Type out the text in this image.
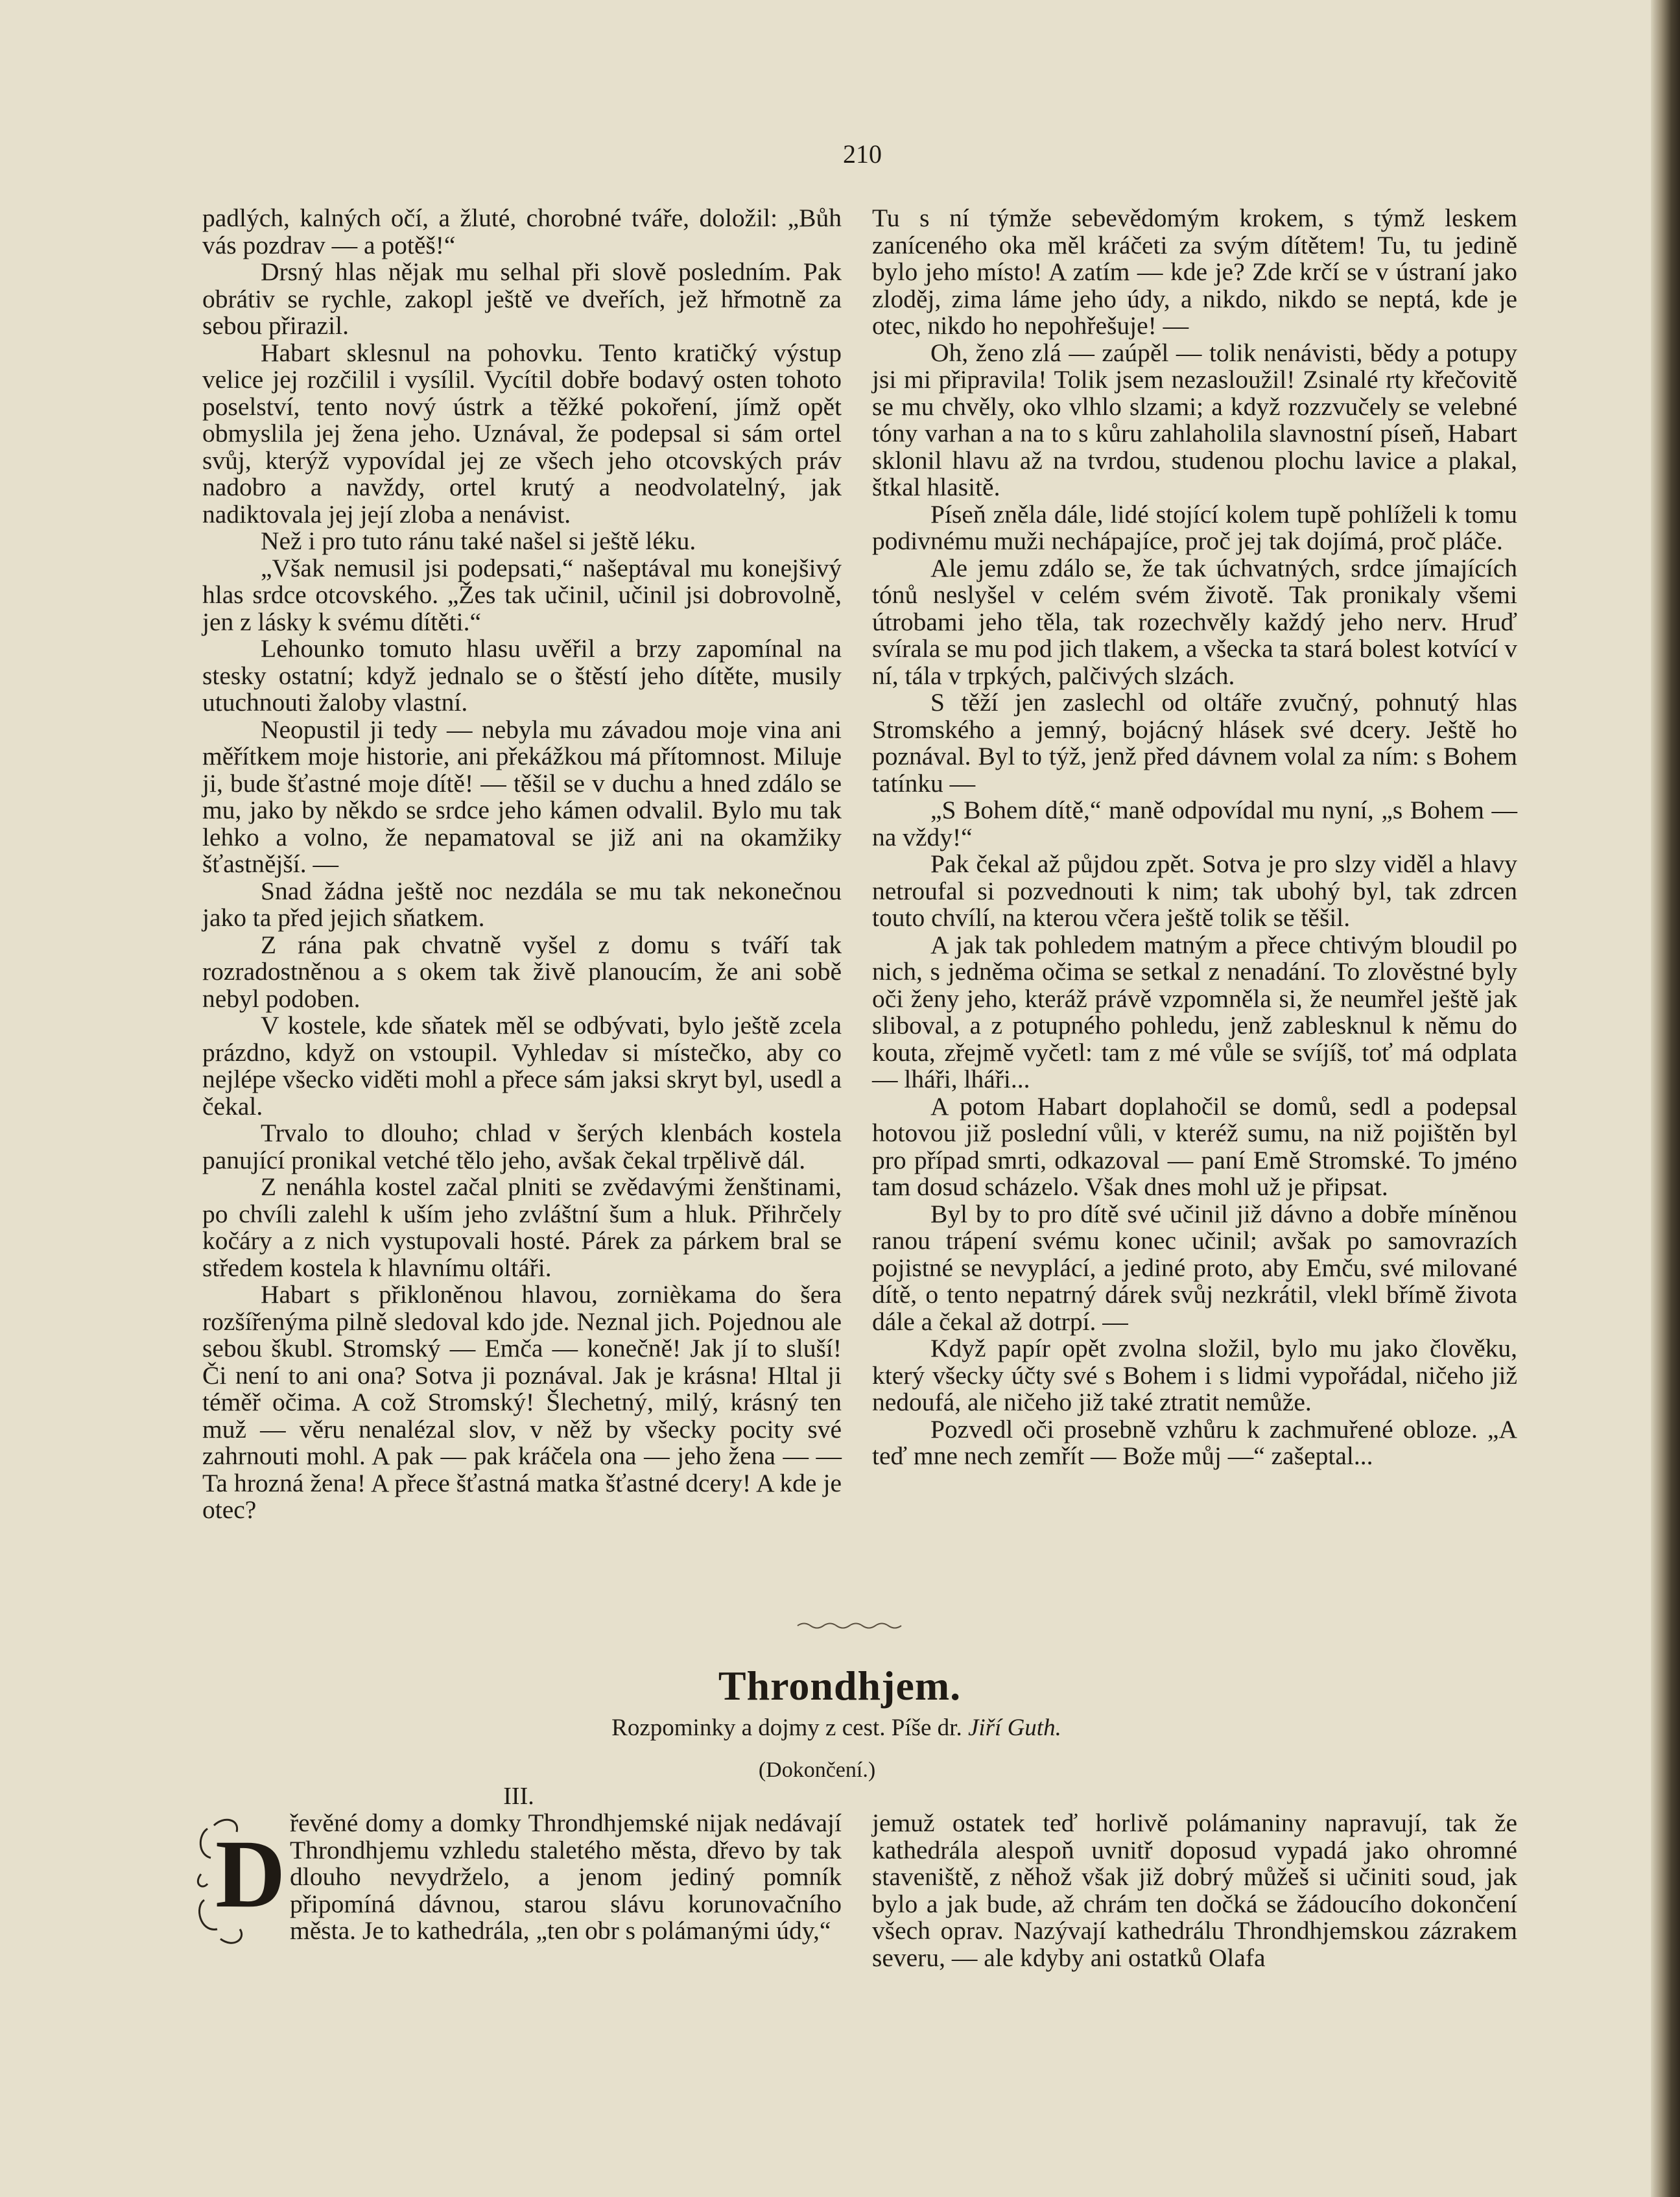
210

padlých, kalných očí, a žluté, chorobné tváře, doložil: „Bůh vás pozdrav — a potěš!“

Drsný hlas nějak mu selhal při slově posledním. Pak obrátiv se rychle, zakopl ještě ve dveřích, jež hřmotně za sebou přirazil.

Habart sklesnul na pohovku. Tento kratičký výstup velice jej rozčilil i vysílil. Vycítil dobře bodavý osten tohoto poselství, tento nový ústrk a těžké pokoření, jímž opět obmyslila jej žena jeho. Uznával, že podepsal si sám ortel svůj, kterýž vypovídal jej ze všech jeho otcovských práv nadobro a navždy, ortel krutý a neodvolatelný, jak nadiktovala jej její zloba a nenávist.

Než i pro tuto ránu také našel si ještě léku.

„Však nemusil jsi podepsati,“ našeptával mu konejšivý hlas srdce otcovského. „Žes tak učinil, učinil jsi dobrovolně, jen z lásky k svému dítěti.“

Lehounko tomuto hlasu uvěřil a brzy zapomínal na stesky ostatní; když jednalo se o štěstí jeho dítěte, musily utuchnouti žaloby vlastní.

Neopustil ji tedy — nebyla mu závadou moje vina ani měřítkem moje historie, ani překážkou má přítomnost. Miluje ji, bude šťastné moje dítě! — těšil se v duchu a hned zdálo se mu, jako by někdo se srdce jeho kámen odvalil. Bylo mu tak lehko a volno, že nepamatoval se již ani na okamžiky šťastnější. —

Snad žádna ještě noc nezdála se mu tak nekonečnou jako ta před jejich sňatkem.

Z rána pak chvatně vyšel z domu s tváří tak rozradostněnou a s okem tak živě planoucím, že ani sobě nebyl podoben.

V kostele, kde sňatek měl se odbývati, bylo ještě zcela prázdno, když on vstoupil. Vyhledav si místečko, aby co nejlépe všecko viděti mohl a přece sám jaksi skryt byl, usedl a čekal.

Trvalo to dlouho; chlad v šerých klenbách kostela panující pronikal vetché tělo jeho, avšak čekal trpělivě dál.

Z nenáhla kostel začal plniti se zvědavými ženštinami, po chvíli zalehl k uším jeho zvláštní šum a hluk. Přihrčely kočáry a z nich vystupovali hosté. Párek za párkem bral se středem kostela k hlavnímu oltáři.

Habart s přikloněnou hlavou, zornièkama do šera rozšířenýma pilně sledoval kdo jde. Neznal jich. Pojednou ale sebou škubl. Stromský — Emča — konečně! Jak jí to sluší! Či není to ani ona? Sotva ji poznával. Jak je krásna! Hltal ji téměř očima. A což Stromský! Šlechetný, milý, krásný ten muž — věru nenalézal slov, v něž by všecky pocity své zahrnouti mohl. A pak — pak kráčela ona — jeho žena — — Ta hrozná žena! A přece šťastná matka šťastné dcery! A kde je otec?

Tu s ní týmže sebevědomým krokem, s týmž leskem zaníceného oka měl kráčeti za svým dítětem! Tu, tu jedině bylo jeho místo! A zatím — kde je? Zde krčí se v ústraní jako zloděj, zima láme jeho údy, a nikdo, nikdo se neptá, kde je otec, nikdo ho nepohřešuje! —

Oh, ženo zlá — zaúpěl — tolik nenávisti, bědy a potupy jsi mi připravila! Tolik jsem nezasloužil! Zsinalé rty křečovitě se mu chvěly, oko vlhlo slzami; a když rozzvučely se velebné tóny varhan a na to s kůru zahlaholila slavnostní píseň, Habart sklonil hlavu až na tvrdou, studenou plochu lavice a plakal, štkal hlasitě.

Píseň zněla dále, lidé stojící kolem tupě pohlíželi k tomu podivnému muži nechápajíce, proč jej tak dojímá, proč pláče.

Ale jemu zdálo se, že tak úchvatných, srdce jímajících tónů neslyšel v celém svém životě. Tak pronikaly všemi útrobami jeho těla, tak rozechvěly každý jeho nerv. Hruď svírala se mu pod jich tlakem, a všecka ta stará bolest kotvící v ní, tála v trpkých, palčivých slzách.

S těží jen zaslechl od oltáře zvučný, pohnutý hlas Stromského a jemný, bojácný hlásek své dcery. Ještě ho poznával. Byl to týž, jenž před dávnem volal za ním: s Bohem tatínku —

„S Bohem dítě,“ maně odpovídal mu nyní, „s Bohem — na vždy!“

Pak čekal až půjdou zpět. Sotva je pro slzy viděl a hlavy netroufal si pozvednouti k nim; tak ubohý byl, tak zdrcen touto chvílí, na kterou včera ještě tolik se těšil.

A jak tak pohledem matným a přece chtivým bloudil po nich, s jedněma očima se setkal z nenadání. To zlověstné byly oči ženy jeho, kteráž právě vzpomněla si, že neumřel ještě jak sliboval, a z potupného pohledu, jenž zablesknul k němu do kouta, zřejmě vyčetl: tam z mé vůle se svíjíš, toť má odplata — lháři, lháři...

A potom Habart doplahočil se domů, sedl a podepsal hotovou již poslední vůli, v kteréž sumu, na niž pojištěn byl pro případ smrti, odkazoval — paní Emě Stromské. To jméno tam dosud scházelo. Však dnes mohl už je připsat.

Byl by to pro dítě své učinil již dávno a dobře míněnou ranou trápení svému konec učinil; avšak po samovrazích pojistné se nevyplácí, a jediné proto, aby Emču, své milované dítě, o tento nepatrný dárek svůj nezkrátil, vlekl břímě života dále a čekal až dotrpí. —

Když papír opět zvolna složil, bylo mu jako člověku, který všecky účty své s Bohem i s lidmi vypořádal, ničeho již nedoufá, ale ničeho již také ztratit nemůže.

Pozvedl oči prosebně vzhůru k zachmuřené obloze. „A teď mne nech zemřít — Bože můj —“ zašeptal...

Throndhjem.
Rozpominky a dojmy z cest. Píše dr. Jiří Guth.
(Dokončení.)
III.
D řevěné domy a domky Throndhjemské nijak nedávají Throndhjemu vzhledu staletého města, dřevo by tak dlouho nevydrželo, a jenom jediný pomník připomíná dávnou, starou slávu korunovačního města. Je to kathedrála, „ten obr s polámanými údy,“

jemuž ostatek teď horlivě polámaniny napravují, tak že kathedrála alespoň uvnitř doposud vypadá jako ohromné staveniště, z něhož však již dobrý můžeš si učiniti soud, jak bylo a jak bude, až chrám ten dočká se žádoucího dokončení všech oprav. Nazývají kathedrálu Throndhjemskou zázrakem severu, — ale kdyby ani ostatků Olafa
